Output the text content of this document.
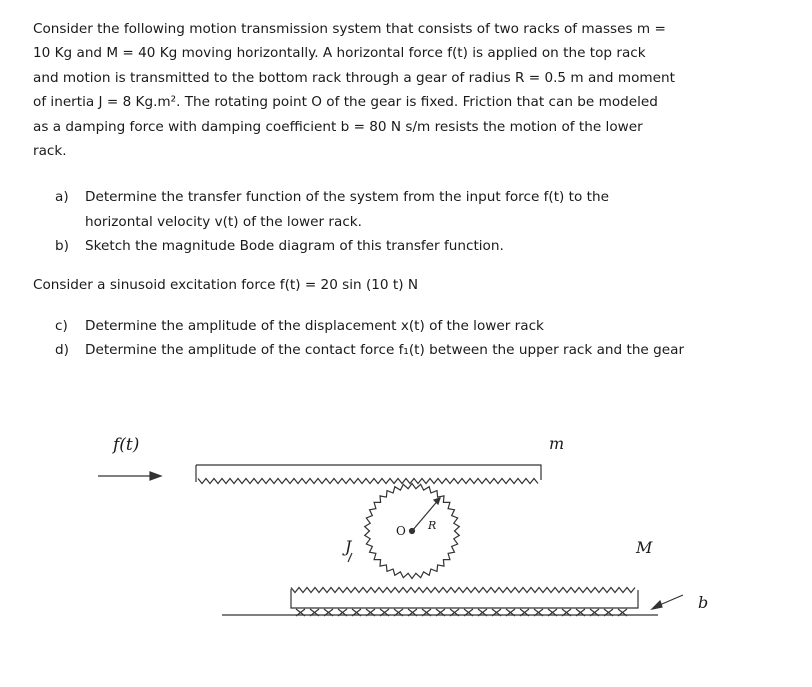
Consider the following motion transmission system that consists of two racks of masses m =
10 Kg and M = 40 Kg moving horizontally. A horizontal force f(t) is applied on the top rack
and motion is transmitted to the bottom rack through a gear of radius R = 0.5 m and moment
of inertia J = 8 Kg.m². The rotating point O of the gear is fixed. Friction that can be modeled
as a damping force with damping coefficient b = 80 N s/m resists the motion of the lower
rack.

a)	Determine the transfer function of the system from the input force f(t) to the
horizontal velocity v(t) of the lower rack.
b)	Sketch the magnitude Bode diagram of this transfer function.

Consider a sinusoid excitation force f(t) = 20 sin (10 t) N

c)	Determine the amplitude of the displacement x(t) of the lower rack
d)	Determine the amplitude of the contact force f₁(t) between the upper rack and the gear
f(t)	m
M
J
O R
b
